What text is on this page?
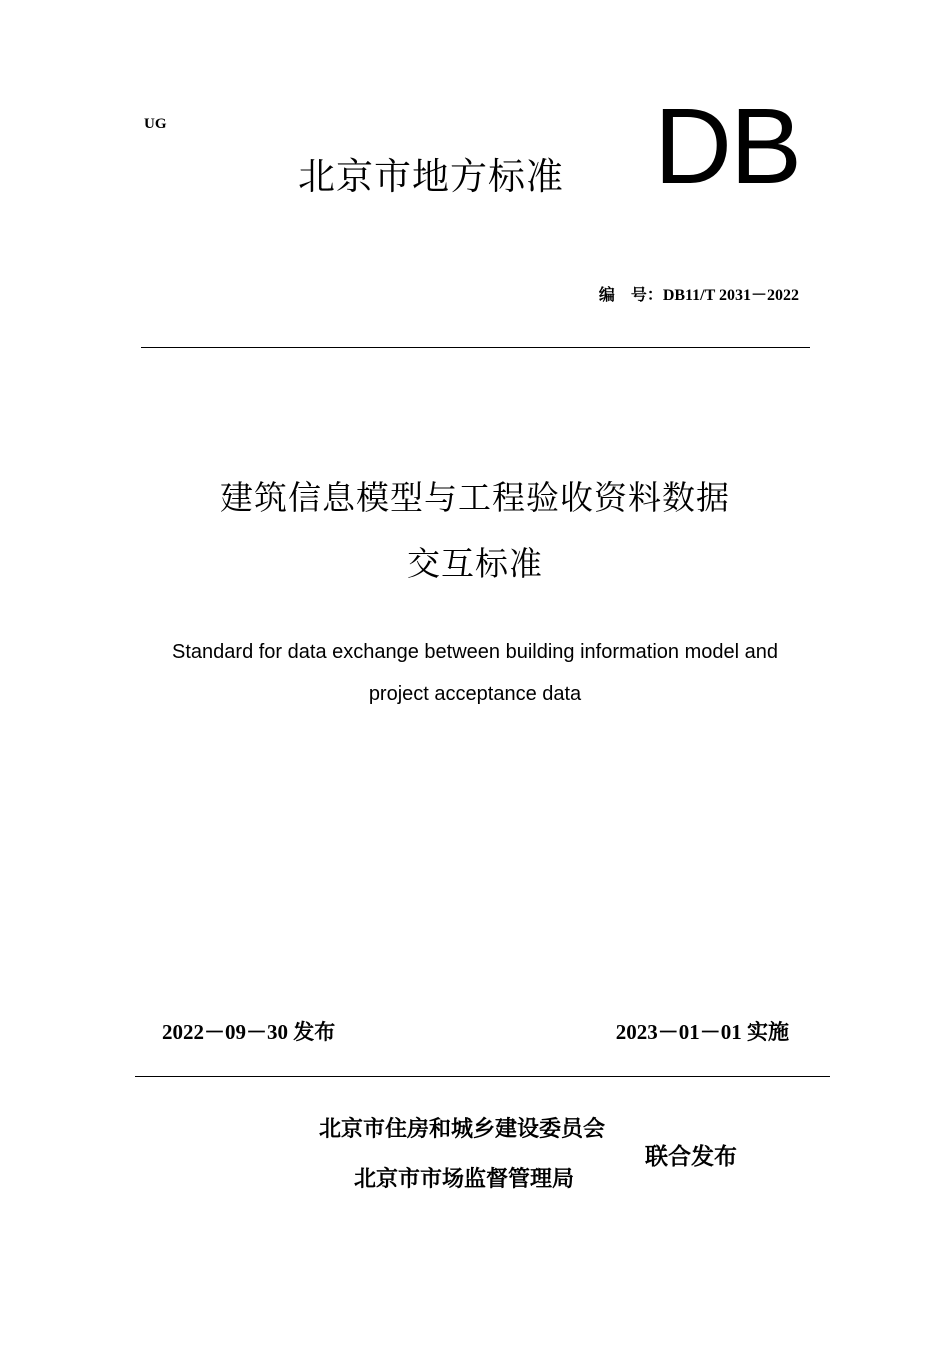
UG
北京市地方标准 DB
编　号：DB11/T 2031－2022
建筑信息模型与工程验收资料数据
交互标准
Standard for data exchange between building information model and
project acceptance data
2022－09－30 发布	2023－01－01 实施
北京市住房和城乡建设委员会
北京市市场监督管理局
联合发布
